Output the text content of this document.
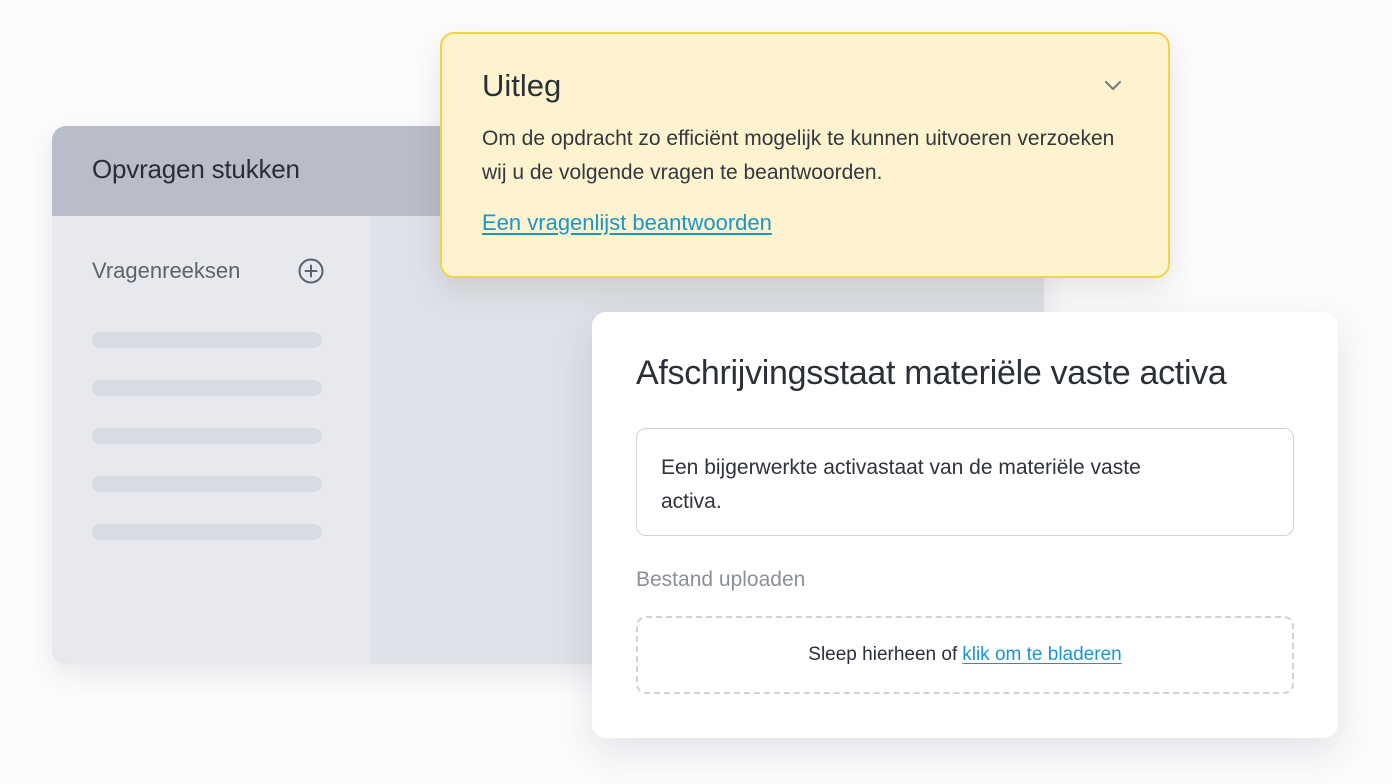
Opvragen stukken
Vragenreeksen
Uitleg
Om de opdracht zo efficiënt mogelijk te kunnen uitvoeren verzoeken wij u de volgende vragen te beantwoorden.
Een vragenlijst beantwoorden
Afschrijvingsstaat materiële vaste activa
Een bijgerwerkte activastaat van de materiële vaste activa.
Bestand uploaden
Sleep hierheen of klik om te bladeren
